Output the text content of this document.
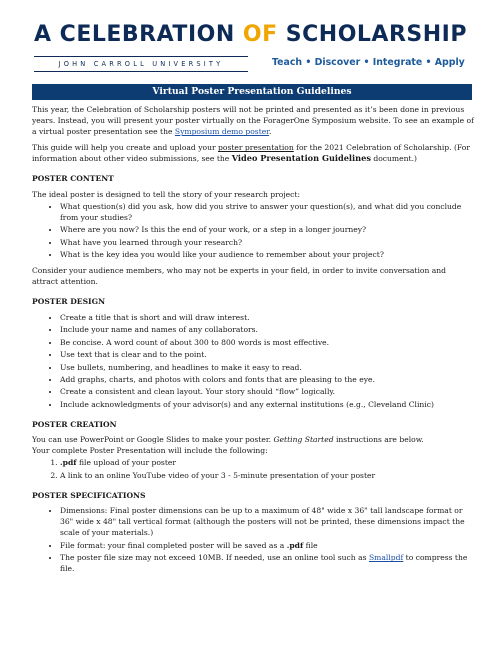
A CELEBRATION OF SCHOLARSHIP
JOHN CARROLL UNIVERSITY	Teach • Discover • Integrate • Apply
Virtual Poster Presentation Guidelines

This year, the Celebration of Scholarship posters will not be printed and presented as it’s been done in previous years. Instead, you will present your poster virtually on the ForagerOne Symposium website. To see an example of a virtual poster presentation see the Symposium demo poster.

This guide will help you create and upload your poster presentation for the 2021 Celebration of Scholarship. (For information about other video submissions, see the Video Presentation Guidelines document.)

POSTER CONTENT

The ideal poster is designed to tell the story of your research project:

• What question(s) did you ask, how did you strive to answer your question(s), and what did you conclude from your studies?
• Where are you now? Is this the end of your work, or a step in a longer journey?
• What have you learned through your research?
• What is the key idea you would like your audience to remember about your project?

Consider your audience members, who may not be experts in your field, in order to invite conversation and attract attention.

POSTER DESIGN
• Create a title that is short and will draw interest.
• Include your name and names of any collaborators.
• Be concise. A word count of about 300 to 800 words is most effective.
• Use text that is clear and to the point.
• Use bullets, numbering, and headlines to make it easy to read.
• Add graphs, charts, and photos with colors and fonts that are pleasing to the eye.
• Create a consistent and clean layout. Your story should “flow” logically.
• Include acknowledgments of your advisor(s) and any external institutions (e.g., Cleveland Clinic)
POSTER CREATION

You can use PowerPoint or Google Slides to make your poster. Getting Started instructions are below.

Your complete Poster Presentation will include the following:

1. .pdf file upload of your poster
2. A link to an online YouTube video of your 3 - 5-minute presentation of your poster
POSTER SPECIFICATIONS
• Dimensions: Final poster dimensions can be up to a maximum of 48" wide x 36" tall landscape format or 36" wide x 48" tall vertical format (although the posters will not be printed, these dimensions impact the scale of your materials.)
• File format: your final completed poster will be saved as a .pdf file
• The poster file size may not exceed 10MB. If needed, use an online tool such as Smallpdf to compress the file.
